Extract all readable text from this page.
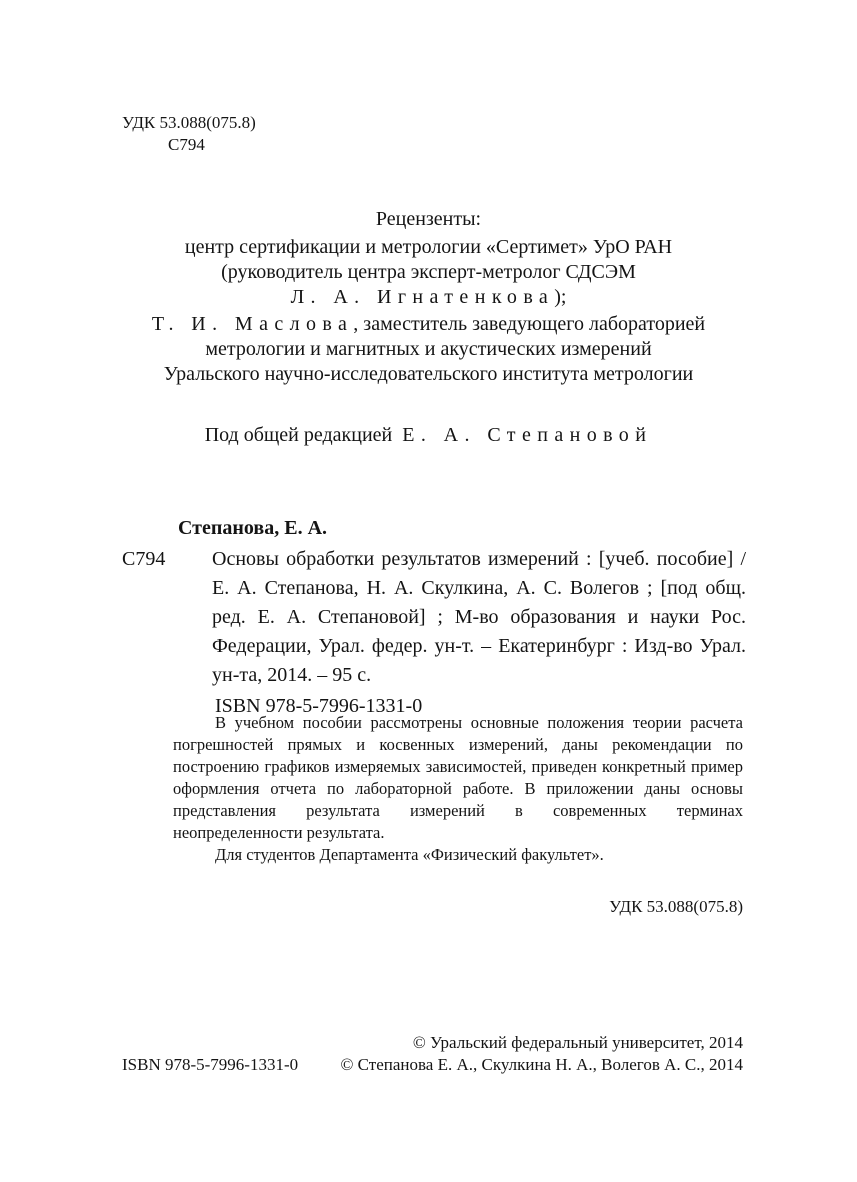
УДК 53.088(075.8)
С794
Рецензенты:
центр сертификации и метрологии «Сертимет» УрО РАН
(руководитель центра эксперт-метролог СДСЭМ
Л. А. Игнатенкова);
Т. И. Маслова, заместитель заведующего лабораторией
метрологии и магнитных и акустических измерений
Уральского научно-исследовательского института метрологии
Под общей редакцией Е. А. Степановой
Степанова, Е. А.
С794	Основы обработки результатов измерений : [учеб. пособие] / Е. А. Степанова, Н. А. Скулкина, А. С. Волегов ; [под общ. ред. Е. А. Степановой] ; М-во образования и науки Рос. Федерации, Урал. федер. ун-т. – Екатеринбург : Изд-во Урал. ун-та, 2014. – 95 с.
ISBN 978-5-7996-1331-0

В учебном пособии рассмотрены основные положения теории расчета погрешностей прямых и косвенных измерений, даны рекомендации по построению графиков измеряемых зависимостей, приведен конкретный пример оформления отчета по лабораторной работе. В приложении даны основы представления результата измерений в современных терминах неопределенности результата.

Для студентов Департамента «Физический факультет».

УДК 53.088(075.8)
© Уральский федеральный университет, 2014
© Степанова Е. А., Скулкина Н. А., Волегов А. С., 2014
ISBN 978-5-7996-1331-0
